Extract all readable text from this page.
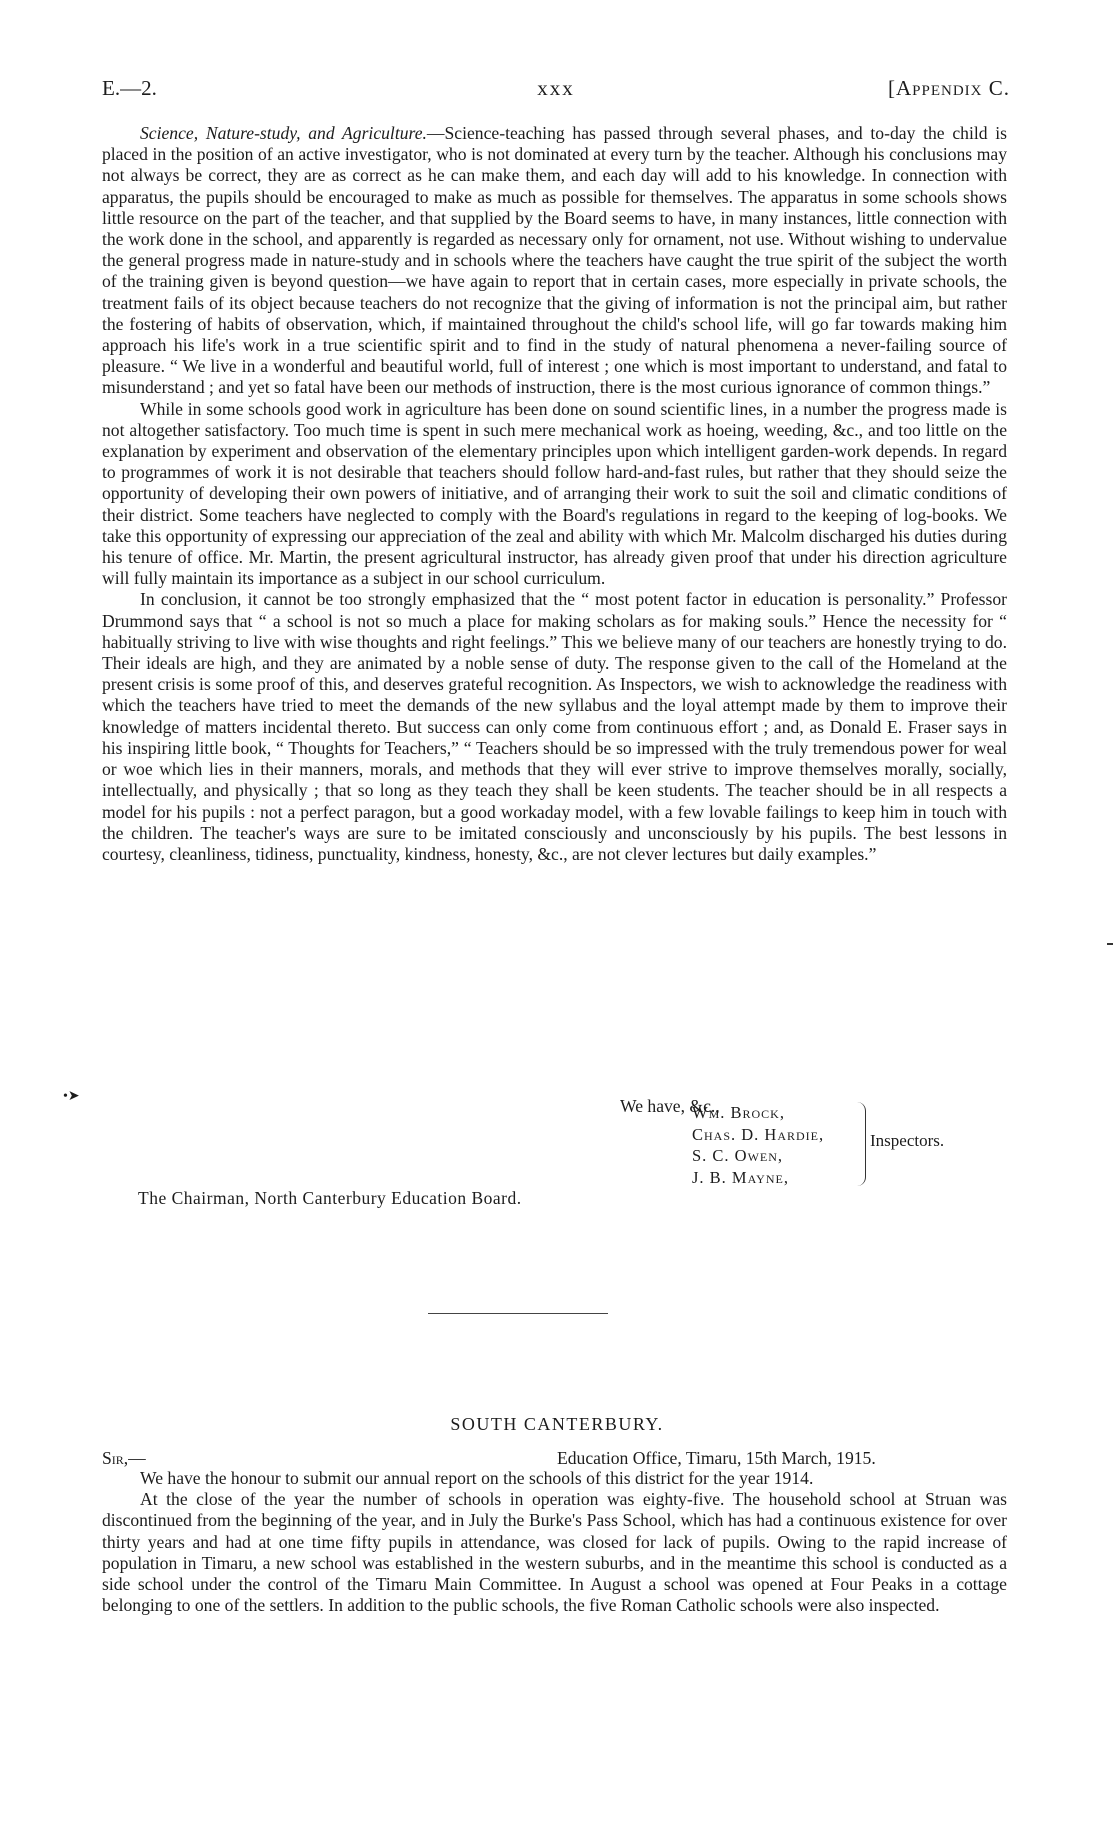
E.—2.	xxx	[Appendix C.

Science, Nature-study, and Agriculture.—Science-teaching has passed through several phases, and to-day the child is placed in the position of an active investigator, who is not dominated at every turn by the teacher. Although his conclusions may not always be correct, they are as correct as he can make them, and each day will add to his knowledge. In connection with apparatus, the pupils should be encouraged to make as much as possible for themselves. The apparatus in some schools shows little resource on the part of the teacher, and that supplied by the Board seems to have, in many instances, little connection with the work done in the school, and apparently is regarded as necessary only for ornament, not use. Without wishing to undervalue the general progress made in nature-study and in schools where the teachers have caught the true spirit of the subject the worth of the training given is beyond question—we have again to report that in certain cases, more especially in private schools, the treatment fails of its object because teachers do not recognize that the giving of information is not the principal aim, but rather the fostering of habits of observation, which, if maintained throughout the child's school life, will go far towards making him approach his life's work in a true scientific spirit and to find in the study of natural phenomena a never-failing source of pleasure. “ We live in a wonderful and beautiful world, full of interest ; one which is most important to understand, and fatal to misunderstand ; and yet so fatal have been our methods of instruction, there is the most curious ignorance of common things.”

While in some schools good work in agriculture has been done on sound scientific lines, in a number the progress made is not altogether satisfactory. Too much time is spent in such mere mechanical work as hoeing, weeding, &c., and too little on the explanation by experiment and observation of the elementary principles upon which intelligent garden-work depends. In regard to programmes of work it is not desirable that teachers should follow hard-and-fast rules, but rather that they should seize the opportunity of developing their own powers of initiative, and of arranging their work to suit the soil and climatic conditions of their district. Some teachers have neglected to comply with the Board's regulations in regard to the keeping of log-books. We take this opportunity of expressing our appreciation of the zeal and ability with which Mr. Malcolm discharged his duties during his tenure of office. Mr. Martin, the present agricultural instructor, has already given proof that under his direction agriculture will fully maintain its importance as a subject in our school curriculum.

In conclusion, it cannot be too strongly emphasized that the “ most potent factor in education is personality.” Professor Drummond says that “ a school is not so much a place for making scholars as for making souls.” Hence the necessity for “ habitually striving to live with wise thoughts and right feelings.” This we believe many of our teachers are honestly trying to do. Their ideals are high, and they are animated by a noble sense of duty. The response given to the call of the Homeland at the present crisis is some proof of this, and deserves grateful recognition. As Inspectors, we wish to acknowledge the readiness with which the teachers have tried to meet the demands of the new syllabus and the loyal attempt made by them to improve their knowledge of matters incidental thereto. But success can only come from continuous effort ; and, as Donald E. Fraser says in his inspiring little book, “ Thoughts for Teachers,” “ Teachers should be so impressed with the truly tremendous power for weal or woe which lies in their manners, morals, and methods that they will ever strive to improve themselves morally, socially, intellectually, and physically ; that so long as they teach they shall be keen students. The teacher should be in all respects a model for his pupils : not a perfect paragon, but a good workaday model, with a few lovable failings to keep him in touch with the children. The teacher's ways are sure to be imitated consciously and unconsciously by his pupils. The best lessons in courtesy, cleanliness, tidiness, punctuality, kindness, honesty, &c., are not clever lectures but daily examples.”

We have, &c.,
Wm. Brock,
Chas. D. Hardie,
S. C. Owen,
J. B. Mayne,
Inspectors.
The Chairman, North Canterbury Education Board.
SOUTH CANTERBURY.
Sir,—	Education Office, Timaru, 15th March, 1915.

We have the honour to submit our annual report on the schools of this district for the year 1914.

At the close of the year the number of schools in operation was eighty-five. The household school at Struan was discontinued from the beginning of the year, and in July the Burke's Pass School, which has had a continuous existence for over thirty years and had at one time fifty pupils in attendance, was closed for lack of pupils. Owing to the rapid increase of population in Timaru, a new school was established in the western suburbs, and in the meantime this school is conducted as a side school under the control of the Timaru Main Committee. In August a school was opened at Four Peaks in a cottage belonging to one of the settlers. In addition to the public schools, the five Roman Catholic schools were also inspected.

•➤
